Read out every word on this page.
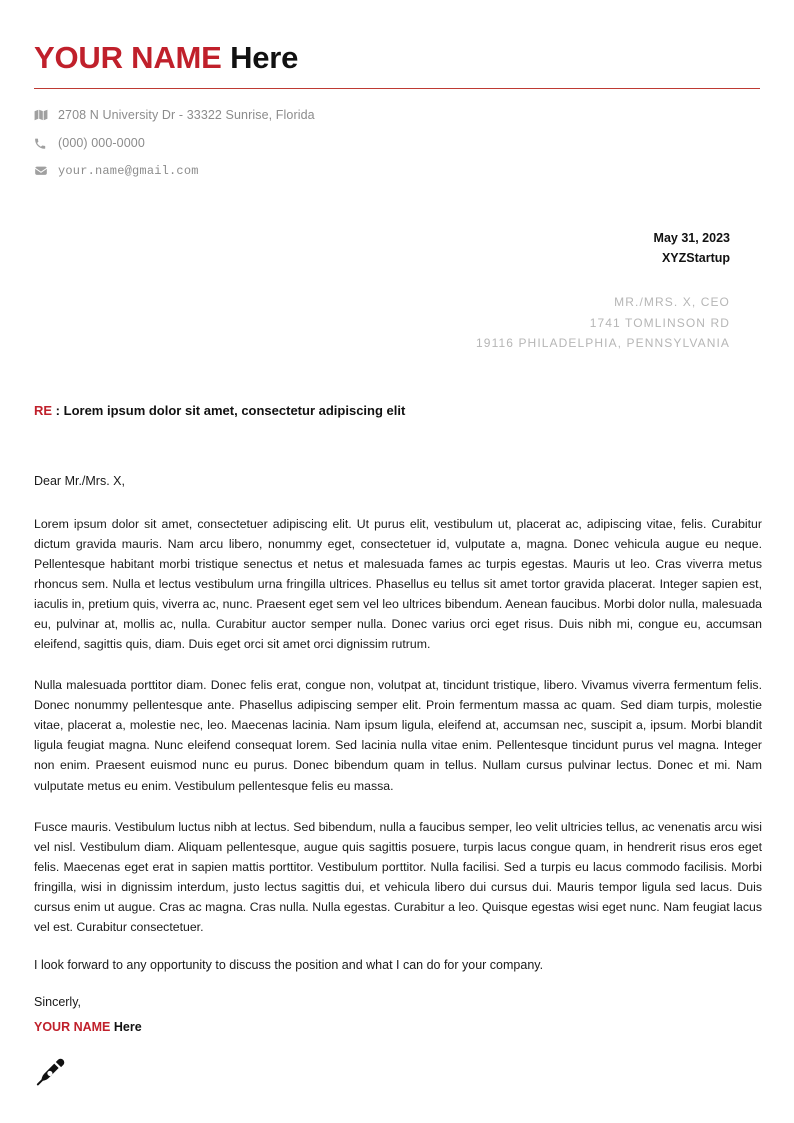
YOUR NAME Here
2708 N University Dr - 33322 Sunrise, Florida
(000) 000-0000
your.name@gmail.com
May 31, 2023
XYZStartup
MR./MRS. X, CEO
1741 TOMLINSON RD
19116 PHILADELPHIA, PENNSYLVANIA
RE : Lorem ipsum dolor sit amet, consectetur adipiscing elit
Dear Mr./Mrs. X,

Lorem ipsum dolor sit amet, consectetuer adipiscing elit. Ut purus elit, vestibulum ut, placerat ac, adipiscing vitae, felis. Curabitur dictum gravida mauris. Nam arcu libero, nonummy eget, consectetuer id, vulputate a, magna. Donec vehicula augue eu neque. Pellentesque habitant morbi tristique senectus et netus et malesuada fames ac turpis egestas. Mauris ut leo. Cras viverra metus rhoncus sem. Nulla et lectus vestibulum urna fringilla ultrices. Phasellus eu tellus sit amet tortor gravida placerat. Integer sapien est, iaculis in, pretium quis, viverra ac, nunc. Praesent eget sem vel leo ultrices bibendum. Aenean faucibus. Morbi dolor nulla, malesuada eu, pulvinar at, mollis ac, nulla. Curabitur auctor semper nulla. Donec varius orci eget risus. Duis nibh mi, congue eu, accumsan eleifend, sagittis quis, diam. Duis eget orci sit amet orci dignissim rutrum.

Nulla malesuada porttitor diam. Donec felis erat, congue non, volutpat at, tincidunt tristique, libero. Vivamus viverra fermentum felis. Donec nonummy pellentesque ante. Phasellus adipiscing semper elit. Proin fermentum massa ac quam. Sed diam turpis, molestie vitae, placerat a, molestie nec, leo. Maecenas lacinia. Nam ipsum ligula, eleifend at, accumsan nec, suscipit a, ipsum. Morbi blandit ligula feugiat magna. Nunc eleifend consequat lorem. Sed lacinia nulla vitae enim. Pellentesque tincidunt purus vel magna. Integer non enim. Praesent euismod nunc eu purus. Donec bibendum quam in tellus. Nullam cursus pulvinar lectus. Donec et mi. Nam vulputate metus eu enim. Vestibulum pellentesque felis eu massa.

Fusce mauris. Vestibulum luctus nibh at lectus. Sed bibendum, nulla a faucibus semper, leo velit ultricies tellus, ac venenatis arcu wisi vel nisl. Vestibulum diam. Aliquam pellentesque, augue quis sagittis posuere, turpis lacus congue quam, in hendrerit risus eros eget felis. Maecenas eget erat in sapien mattis porttitor. Vestibulum porttitor. Nulla facilisi. Sed a turpis eu lacus commodo facilisis. Morbi fringilla, wisi in dignissim interdum, justo lectus sagittis dui, et vehicula libero dui cursus dui. Mauris tempor ligula sed lacus. Duis cursus enim ut augue. Cras ac magna. Cras nulla. Nulla egestas. Curabitur a leo. Quisque egestas wisi eget nunc. Nam feugiat lacus vel est. Curabitur consectetuer.

I look forward to any opportunity to discuss the position and what I can do for your company.
Sincerly,
YOUR NAME Here
